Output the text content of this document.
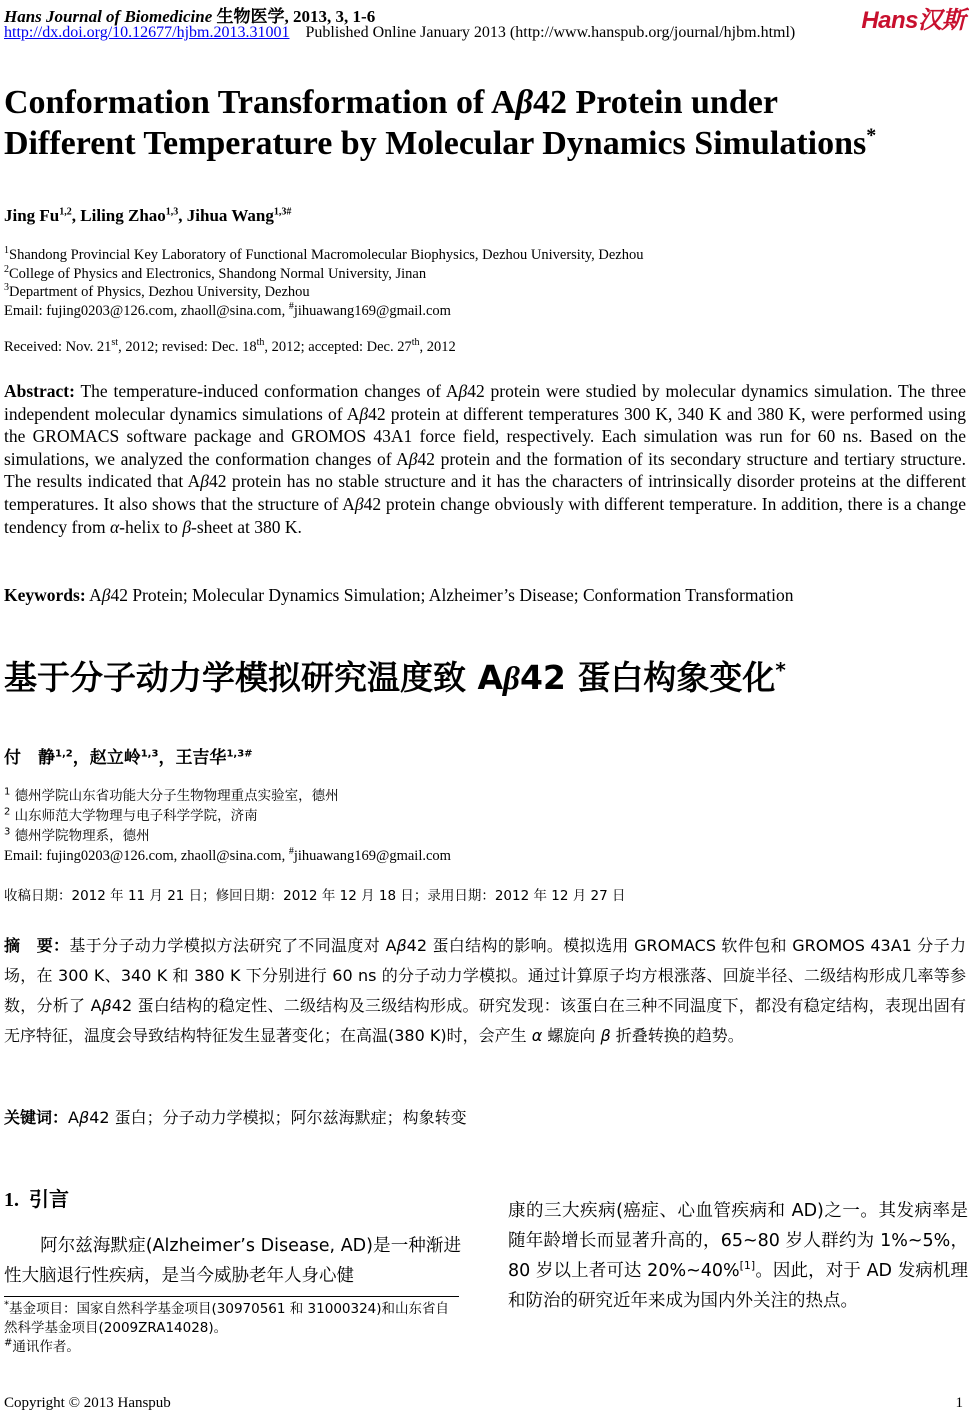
Hans Journal of Biomedicine 生物医学, 2013, 3, 1-6	Hans汉斯
http://dx.doi.org/10.12677/hjbm.2013.31001 Published Online January 2013 (http://www.hanspub.org/journal/hjbm.html)
Conformation Transformation of Aβ42 Protein under
Different Temperature by Molecular Dynamics Simulations*
Jing Fu$^{1,2}$, Liling Zhao$^{1,3}$, Jihua Wang$^{1,3\#}$
$^1$Shandong Provincial Key Laboratory of Functional Macromolecular Biophysics, Dezhou University, Dezhou
$^2$College of Physics and Electronics, Shandong Normal University, Jinan
$^3$Department of Physics, Dezhou University, Dezhou
Email: fujing0203@126.com, zhaoll@sina.com, #jihuawang169@gmail.com
Received: Nov. 21st, 2012; revised: Dec. 18th, 2012; accepted: Dec. 27th, 2012
Abstract: The temperature-induced conformation changes of Aβ42 protein were studied by molecular dynamics simulation. The three independent molecular dynamics simulations of Aβ42 protein at different temperatures 300 K, 340 K and 380 K, were performed using the GROMACS software package and GROMOS 43A1 force field, respectively. Each simulation was run for 60 ns. Based on the simulations, we analyzed the conformation changes of Aβ42 protein and the formation of its secondary structure and tertiary structure. The results indicated that Aβ42 protein has no stable structure and it has the characters of intrinsically disorder proteins at the different temperatures. It also shows that the structure of Aβ42 protein change obviously with different temperature. In addition, there is a change tendency from α-helix to β-sheet at 380 K.
Keywords: Aβ42 Protein; Molecular Dynamics Simulation; Alzheimer’s Disease; Conformation Transformation
基于分子动力学模拟研究温度致 Aβ42 蛋白构象变化*
付　静$^{1,2}$，赵立岭$^{1,3}$，王吉华$^{1,3\#}$
$^1$ 德州学院山东省功能大分子生物物理重点实验室，德州
$^2$ 山东师范大学物理与电子科学学院，济南
$^3$ 德州学院物理系，德州
Email: fujing0203@126.com, zhaoll@sina.com, #jihuawang169@gmail.com
收稿日期：2012 年 11 月 21 日；修回日期：2012 年 12 月 18 日；录用日期：2012 年 12 月 27 日
摘　要：基于分子动力学模拟方法研究了不同温度对 Aβ42 蛋白结构的影响。模拟选用 GROMACS 软件包和 GROMOS 43A1 分子力场，在 300 K、340 K 和 380 K 下分别进行 60 ns 的分子动力学模拟。通过计算原子均方根涨落、回旋半径、二级结构形成几率等参数，分析了 Aβ42 蛋白结构的稳定性、二级结构及三级结构形成。研究发现：该蛋白在三种不同温度下，都没有稳定结构，表现出固有无序特征，温度会导致结构特征发生显著变化；在高温(380 K)时，会产生 α 螺旋向 β 折叠转换的趋势。
关键词：Aβ42 蛋白；分子动力学模拟；阿尔兹海默症；构象转变
1. 引言
阿尔兹海默症(Alzheimer’s Disease, AD)是一种渐进性大脑退行性疾病，是当今威胁老年人身心健
*基金项目：国家自然科学基金项目(30970561 和 31000324)和山东省自然科学基金项目(2009ZRA14028)。
#通讯作者。
康的三大疾病(癌症、心血管疾病和 AD)之一。其发病率是随年龄增长而显著升高的，65~80 岁人群约为 1%~5%，80 岁以上者可达 20%~40%[1]。因此，对于 AD 发病机理和防治的研究近年来成为国内外关注的热点。
Copyright © 2013 Hanspub	1
